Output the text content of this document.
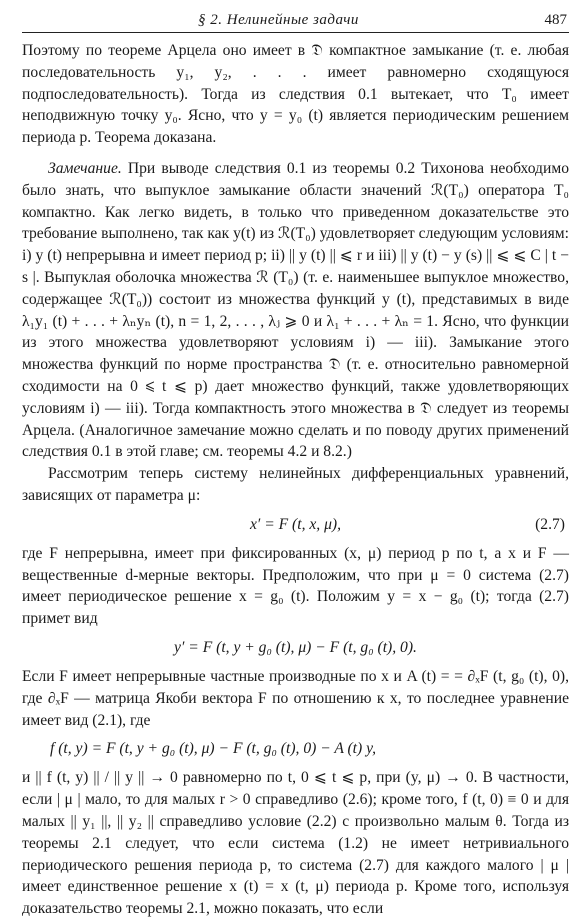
§ 2. Нелинейные задачи	487

Поэтому по теореме Арцела оно имеет в 𝔇 компактное замыкание (т. е. любая последовательность y₁, y₂, . . . имеет равномерно сходящуюся подпоследовательность). Тогда из следствия 0.1 вытекает, что T₀ имеет неподвижную точку y₀. Ясно, что y = y₀ (t) является периодическим решением периода p. Теорема доказана.

Замечание. При выводе следствия 0.1 из теоремы 0.2 Тихонова необходимо было знать, что выпуклое замыкание области значений ℛ(T₀) оператора T₀ компактно. Как легко видеть, в только что приведенном доказательстве это требование выполнено, так как y(t) из ℛ(T₀) удовлетворяет следующим условиям: i) y (t) непрерывна и имеет период p; ii) || y (t) || ⩽ r и iii) || y (t) − y (s) || ⩽ ⩽ C | t − s |. Выпуклая оболочка множества ℛ (T₀) (т. е. наименьшее выпуклое множество, содержащее ℛ(T₀)) состоит из множества функций y (t), представимых в виде λ₁y₁ (t) + . . . + λₙyₙ (t), n = 1, 2, . . . , λⱼ ⩾ 0 и λ₁ + . . . + λₙ = 1. Ясно, что функции из этого множества удовлетворяют условиям i) — iii). Замыкание этого множества функций по норме пространства 𝔇 (т. е. относительно равномерной сходимости на 0 ⩽ t ⩽ p) дает множество функций, также удовлетворяющих условиям i) — iii). Тогда компактность этого множества в 𝔇 следует из теоремы Арцела. (Аналогичное замечание можно сделать и по поводу других применений следствия 0.1 в этой главе; см. теоремы 4.2 и 8.2.)

Рассмотрим теперь систему нелинейных дифференциальных уравнений, зависящих от параметра μ:

x′ = F (t, x, μ),	(2.7)

где F непрерывна, имеет при фиксированных (x, μ) период p по t, а x и F — вещественные d-мерные векторы. Предположим, что при μ = 0 система (2.7) имеет периодическое решение x = g₀ (t). Положим y = x − g₀ (t); тогда (2.7) примет вид

y′ = F (t, y + g₀ (t), μ) − F (t, g₀ (t), 0).

Если F имеет непрерывные частные производные по x и A (t) = = ∂ₓF (t, g₀ (t), 0), где ∂ₓF — матрица Якоби вектора F по отношению к x, то последнее уравнение имеет вид (2.1), где

f (t, y) = F (t, y + g₀ (t), μ) − F (t, g₀ (t), 0) − A (t) y,

и || f (t, y) || / || y || → 0 равномерно по t, 0 ⩽ t ⩽ p, при (y, μ) → 0. В частности, если | μ | мало, то для малых r > 0 справедливо (2.6); кроме того, f (t, 0) ≡ 0 и для малых || y₁ ||, || y₂ || справедливо условие (2.2) с произвольно малым θ. Тогда из теоремы 2.1 следует, что если система (1.2) не имеет нетривиального периодического решения периода p, то система (2.7) для каждого малого | μ | имеет единственное решение x (t) = x (t, μ) периода p. Кроме того, используя доказательство теоремы 2.1, можно показать, что если
